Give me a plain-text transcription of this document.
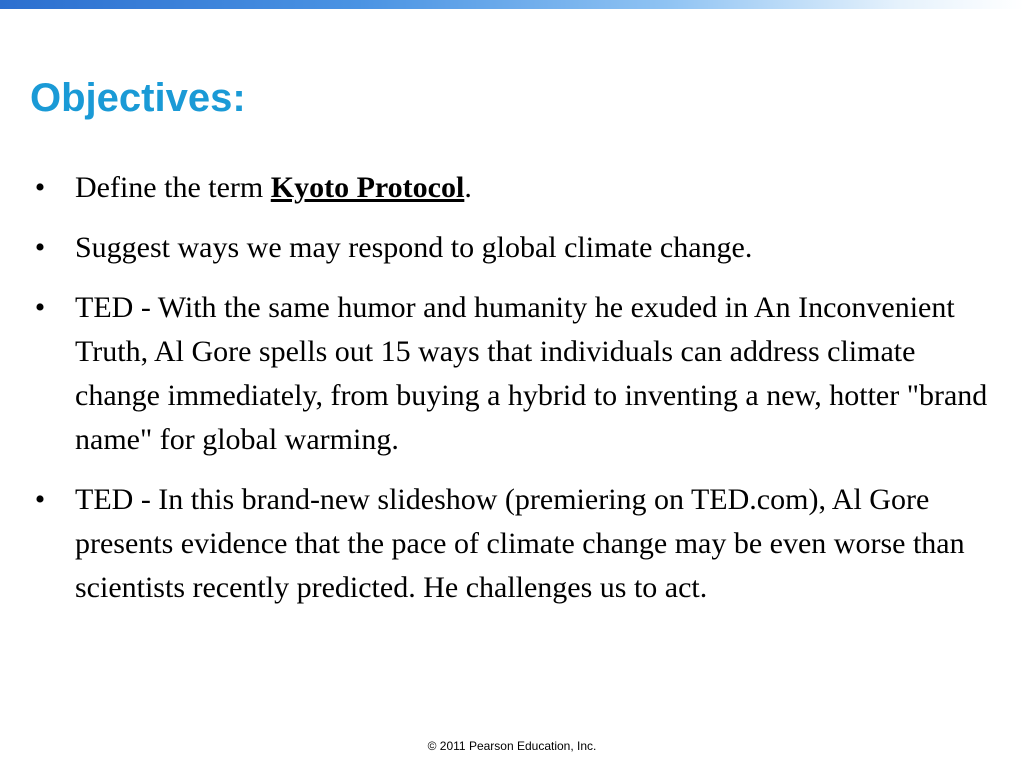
Objectives:
• Define the term Kyoto Protocol.
• Suggest ways we may respond to global climate change.
• TED - With the same humor and humanity he exuded in An Inconvenient Truth, Al Gore spells out 15 ways that individuals can address climate change immediately, from buying a hybrid to inventing a new, hotter "brand name" for global warming.
• TED - In this brand-new slideshow (premiering on TED.com), Al Gore presents evidence that the pace of climate change may be even worse than scientists recently predicted. He challenges us to act.
© 2011 Pearson Education, Inc.
